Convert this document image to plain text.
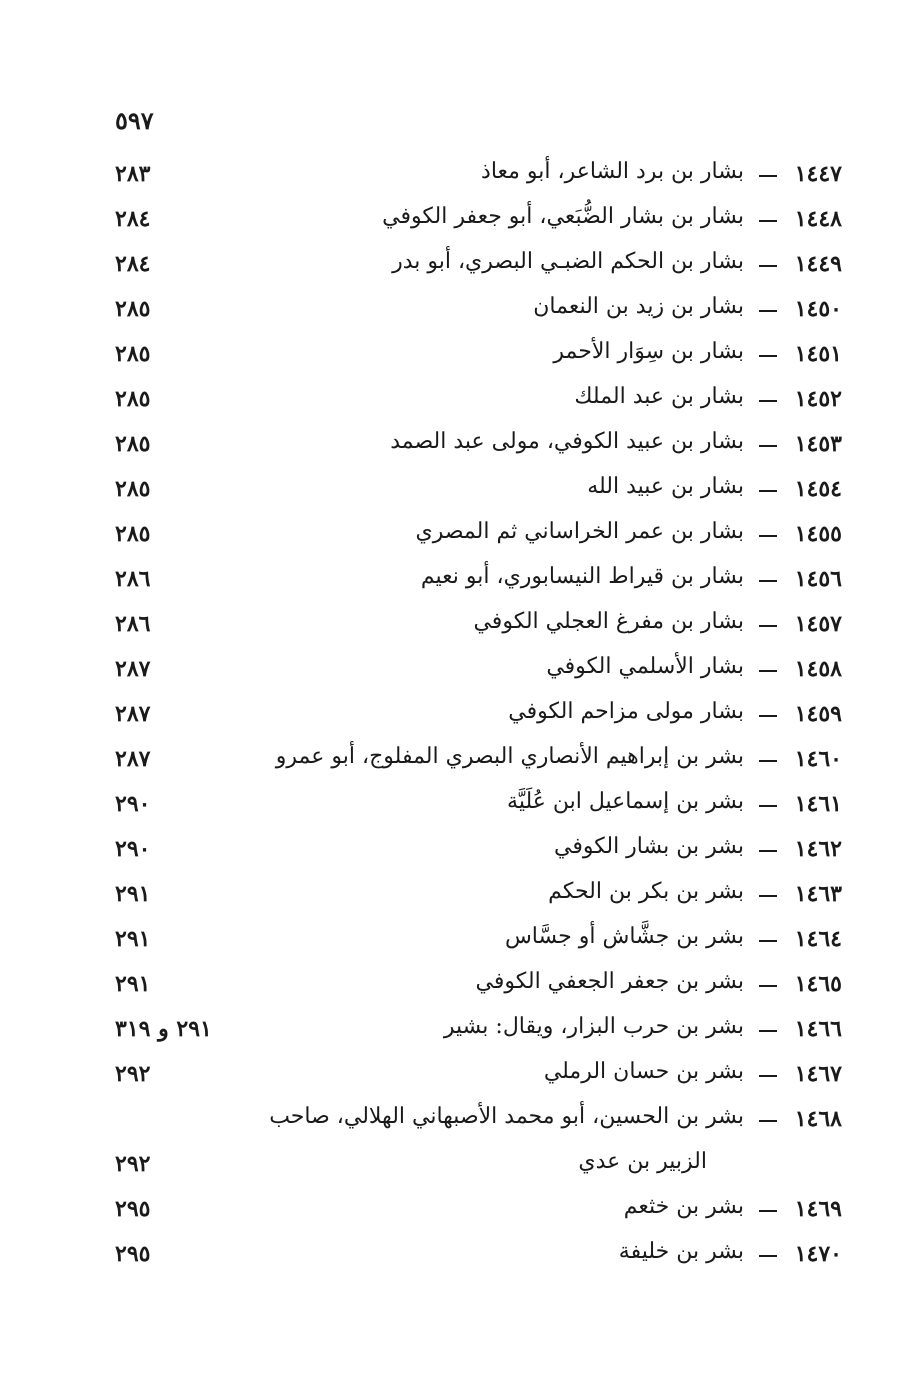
٥٩٧
١٤٤٧
بشار بن برد الشاعر، أبو معاذ
٢٨٣
١٤٤٨
بشار بن بشار الضُّبَعي، أبو جعفر الكوفي
٢٨٤
١٤٤٩
بشار بن الحكم الضبـي البصري، أبو بدر
٢٨٤
١٤٥٠
بشار بن زيد بن النعمان
٢٨٥
١٤٥١
بشار بن سِوَار الأحمر
٢٨٥
١٤٥٢
بشار بن عبد الملك
٢٨٥
١٤٥٣
بشار بن عبيد الكوفي، مولى عبد الصمد
٢٨٥
١٤٥٤
بشار بن عبيد الله
٢٨٥
١٤٥٥
بشار بن عمر الخراساني ثم المصري
٢٨٥
١٤٥٦
بشار بن قيراط النيسابوري، أبو نعيم
٢٨٦
١٤٥٧
بشار بن مفرغ العجلي الكوفي
٢٨٦
١٤٥٨
بشار الأسلمي الكوفي
٢٨٧
١٤٥٩
بشار مولى مزاحم الكوفي
٢٨٧
١٤٦٠
بشر بن إبراهيم الأنصاري البصري المفلوج، أبو عمرو
٢٨٧
١٤٦١
بشر بن إسماعيل ابن عُلَيَّة
٢٩٠
١٤٦٢
بشر بن بشار الكوفي
٢٩٠
١٤٦٣
بشر بن بكر بن الحكم
٢٩١
١٤٦٤
بشر بن جشَّاش أو جسَّاس
٢٩١
١٤٦٥
بشر بن جعفر الجعفي الكوفي
٢٩١
١٤٦٦
بشر بن حرب البزار، ويقال: بشير
٢٩١ و ٣١٩
١٤٦٧
بشر بن حسان الرملي
٢٩٢
١٤٦٨
بشر بن الحسين، أبو محمد الأصبهاني الهلالي، صاحب
الزبير بن عدي
٢٩٢
١٤٦٩
بشر بن خثعم
٢٩٥
١٤٧٠
بشر بن خليفة
٢٩٥
